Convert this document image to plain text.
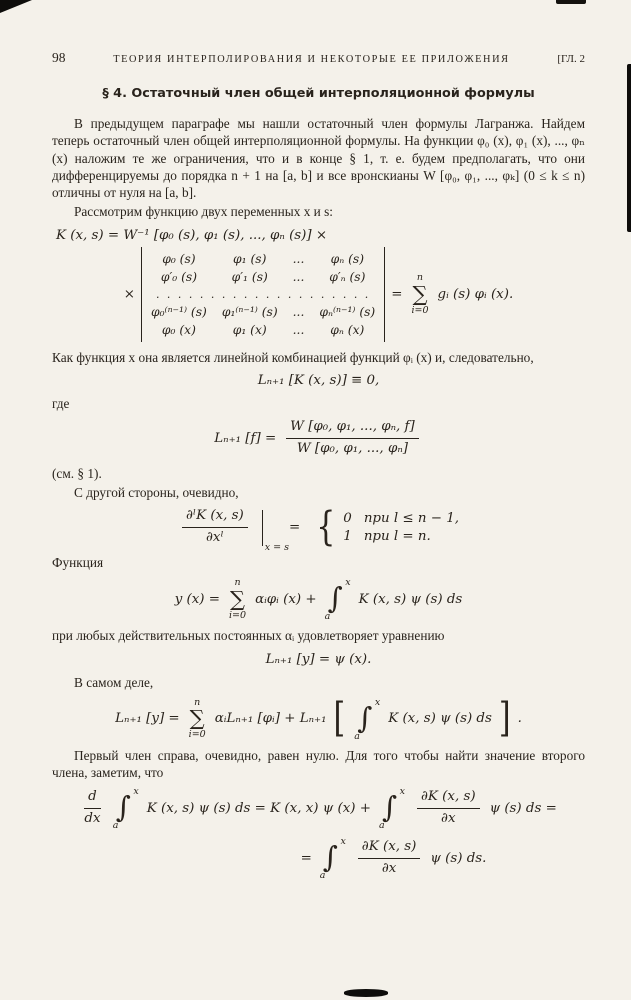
98	ТЕОРИЯ ИНТЕРПОЛИРОВАНИЯ И НЕКОТОРЫЕ ЕЕ ПРИЛОЖЕНИЯ	[ГЛ. 2
§ 4. Остаточный член общей интерполяционной формулы

В предыдущем параграфе мы нашли остаточный член формулы Лагранжа. Найдем теперь остаточный член общей интерполяционной формулы. На функции φ₀ (x), φ₁ (x), ..., φₙ (x) наложим те же ограничения, что и в конце § 1, т. е. будем предполагать, что они дифференцируемы до порядка n + 1 на [a, b] и все вронскианы W [φ₀, φ₁, ..., φₖ] (0 ≤ k ≤ n) отличны от нуля на [a, b].

Рассмотрим функцию двух переменных x и s:

K (x, s) = W⁻¹ [φ₀ (s), φ₁ (s), ..., φₙ (s)] ×
×
φ₀ (s)	φ₁ (s)	...	φₙ (s)
φ′₀ (s)	φ′₁ (s)	...	φ′ₙ (s)
. . . . . . . . . . . . . . . . . . . .
φ₀⁽ⁿ⁻¹⁾ (s) φ₁⁽ⁿ⁻¹⁾ (s) ... φₙ⁽ⁿ⁻¹⁾ (s)
φ₀ (x)	φ₁ (x)	...	φₙ (x)
=
n
∑
i=0
gᵢ (s) φᵢ (x).

Как функция x она является линейной комбинацией функций φᵢ (x) и, следовательно,

Lₙ₊₁ [K (x, s)] ≡ 0,

где

Lₙ₊₁ $[f] = \frac{\text{W [φ₀, φ₁, ..., φₙ, f]}}{\text{W [φ₀, φ₁, ..., φₙ]}}$

(см. § 1).

С другой стороны, очевидно,

$\frac{\text{∂ˡK (x, s)}}{\text{∂xˡ}}$
x = s
= { 0 при l ≤ n − 1,
1 при l = n.

Функция

y (x) =
n
∑
i=0
αᵢφᵢ (x) + ∫ x
a
K (x, s) ψ (s) ds

при любых действительных постоянных αᵢ удовлетворяет уравнению

Lₙ₊₁ [y] = ψ (x).

В самом деле,

Lₙ₊₁ [y] =
n
∑
i=0
αᵢLₙ₊₁ [φᵢ] + Lₙ₊₁ [ ∫ x
a
K (x, s) ψ (s) ds ] .

Первый член справа, очевидно, равен нулю. Для того чтобы найти значение второго члена, заметим, что

$\frac{d}{dx}$ ∫ x
a
K (x, s) ψ (s) ds = K (x, x) ψ (x) + ∫ x
a $\frac{\partial K (x, s)}{\partial x}$ ψ (s) ds =
= ∫ x
a $\frac{\partial K (x, s)}{\partial x}$ ψ (s) ds.
